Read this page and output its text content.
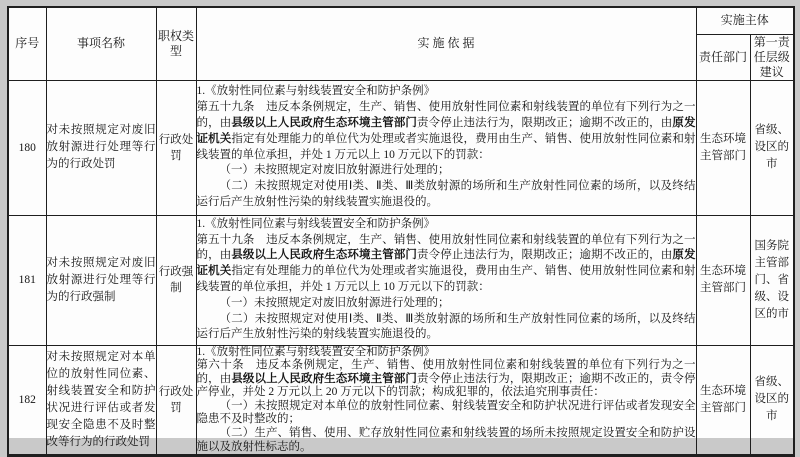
序号	事项名称	职权类型	实 施 依 据	实施主体	
				责任部门	第一责任层级建议
180	对未按照规定对废旧放射源进行处理等行为的行政处罚	行政处罚	1.《放射性同位素与射线装置安全和防护条例》

第五十九条　违反本条例规定，生产、销售、使用放射性同位素和射线装置的单位有下列行为之一的，由县级以上人民政府生态环境主管部门责令停止违法行为，限期改正；逾期不改正的，由原发证机关指定有处理能力的单位代为处理或者实施退役，费用由生产、销售、使用放射性同位素和射线装置的单位承担，并处 1 万元以上 10 万元以下的罚款：

（一）未按照规定对废旧放射源进行处理的；

（二）未按照规定对使用Ⅰ类、Ⅱ类、Ⅲ类放射源的场所和生产放射性同位素的场所，以及终结运行后产生放射性污染的射线装置实施退役的。	生态环境主管部门	省级、设区的市
181	对未按照规定对废旧放射源进行处理等行为的行政强制	行政强制	1.《放射性同位素与射线装置安全和防护条例》

第五十九条　违反本条例规定，生产、销售、使用放射性同位素和射线装置的单位有下列行为之一的，由县级以上人民政府生态环境主管部门责令停止违法行为，限期改正；逾期不改正的，由原发证机关指定有处理能力的单位代为处理或者实施退役，费用由生产、销售、使用放射性同位素和射线装置的单位承担，并处 1 万元以上 10 万元以下的罚款：

（一）未按照规定对废旧放射源进行处理的；

（二）未按照规定对使用Ⅰ类、Ⅱ类、Ⅲ类放射源的场所和生产放射性同位素的场所，以及终结运行后产生放射性污染的射线装置实施退役的。	生态环境主管部门	国务院主管部门、省级、设区的市
182	对未按照规定对本单位的放射性同位素、射线装置安全和防护状况进行评估或者发现安全隐患不及时整改等行为的行政处罚	行政处罚	1.《放射性同位素与射线装置安全和防护条例》

第六十条　违反本条例规定，生产、销售、使用放射性同位素和射线装置的单位有下列行为之一的，由县级以上人民政府生态环境主管部门责令停止违法行为，限期改正；逾期不改正的，责令停产停业，并处 2 万元以上 20 万元以下的罚款；构成犯罪的，依法追究刑事责任：

（一）未按照规定对本单位的放射性同位素、射线装置安全和防护状况进行评估或者发现安全隐患不及时整改的；

（二）生产、销售、使用、贮存放射性同位素和射线装置的场所未按照规定设置安全和防护设施以及放射性标志的。	生态环境主管部门	省级、设区的市
